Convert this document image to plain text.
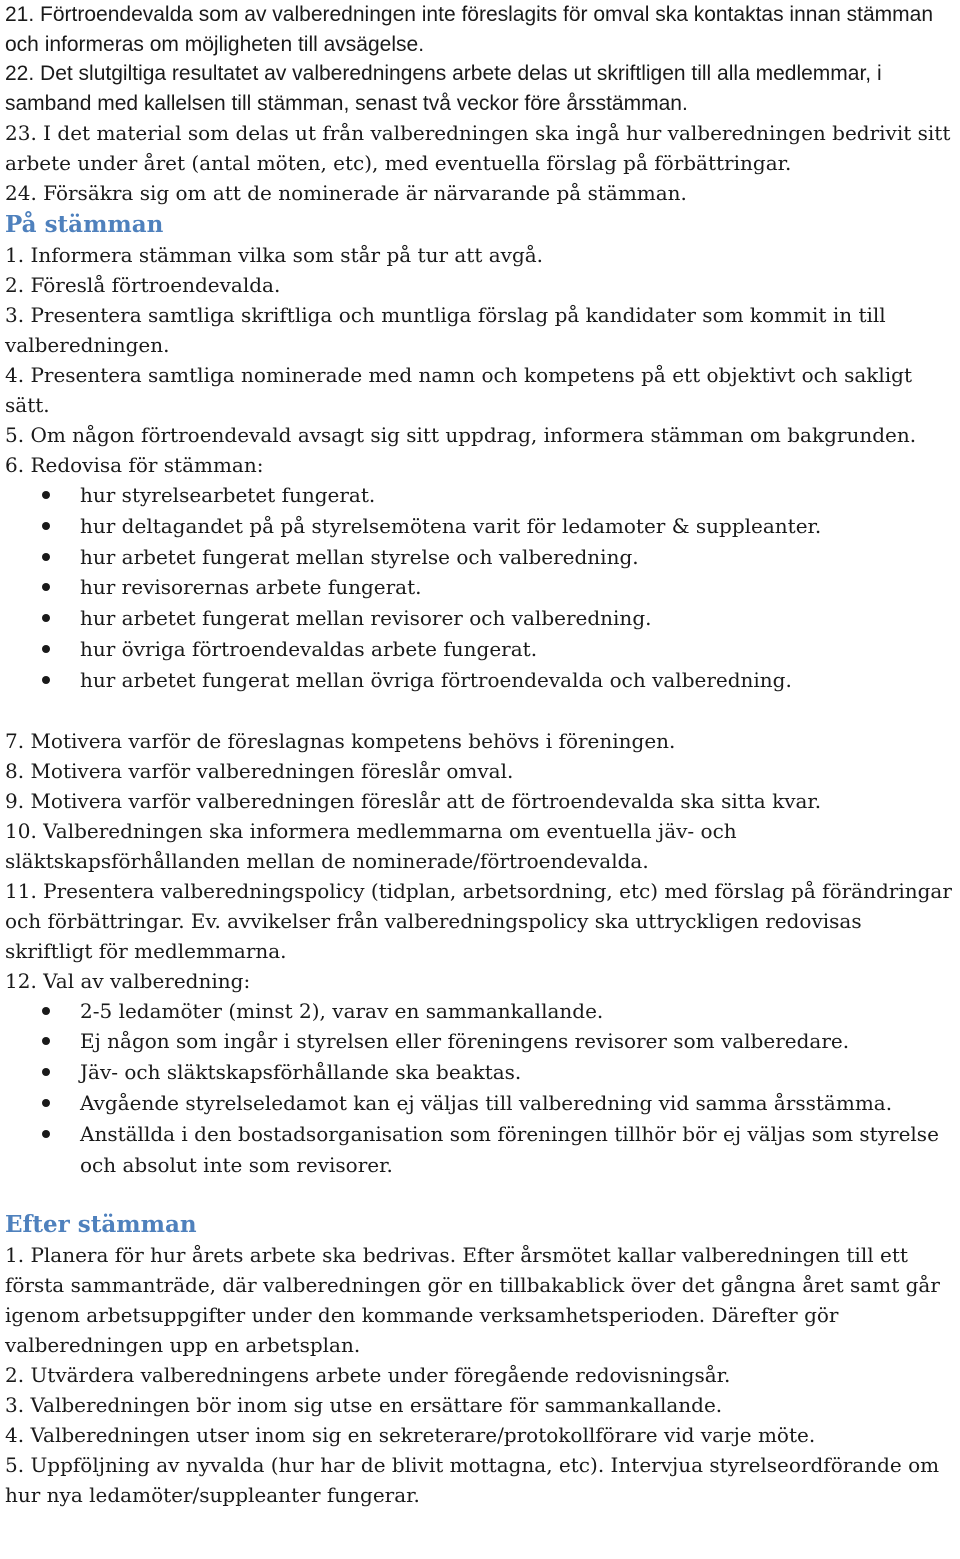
21. Förtroendevalda som av valberedningen inte föreslagits för omval ska kontaktas innan stämman och informeras om möjligheten till avsägelse.

22. Det slutgiltiga resultatet av valberedningens arbete delas ut skriftligen till alla medlemmar, i samband med kallelsen till stämman, senast två veckor före årsstämman.

23. I det material som delas ut från valberedningen ska ingå hur valberedningen bedrivit sitt arbete under året (antal möten, etc), med eventuella förslag på förbättringar.

24. Försäkra sig om att de nominerade är närvarande på stämman.

På stämman

1. Informera stämman vilka som står på tur att avgå.

2. Föreslå förtroendevalda.

3. Presentera samtliga skriftliga och muntliga förslag på kandidater som kommit in till valberedningen.

4. Presentera samtliga nominerade med namn och kompetens på ett objektivt och sakligt sätt.

5. Om någon förtroendevald avsagt sig sitt uppdrag, informera stämman om bakgrunden.

6. Redovisa för stämman:

hur styrelsearbetet fungerat.
hur deltagandet på på styrelsemötena varit för ledamoter & suppleanter.
hur arbetet fungerat mellan styrelse och valberedning.
hur revisorernas arbete fungerat.
hur arbetet fungerat mellan revisorer och valberedning.
hur övriga förtroendevaldas arbete fungerat.
hur arbetet fungerat mellan övriga förtroendevalda och valberedning.

7. Motivera varför de föreslagnas kompetens behövs i föreningen.

8. Motivera varför valberedningen föreslår omval.

9. Motivera varför valberedningen föreslår att de förtroendevalda ska sitta kvar.

10. Valberedningen ska informera medlemmarna om eventuella jäv- och släktskapsförhållanden mellan de nominerade/förtroendevalda.

11. Presentera valberedningspolicy (tidplan, arbetsordning, etc) med förslag på förändringar och förbättringar. Ev. avvikelser från valberedningspolicy ska uttryckligen redovisas skriftligt för medlemmarna.

12. Val av valberedning:

2-5 ledamöter (minst 2), varav en sammankallande.
Ej någon som ingår i styrelsen eller föreningens revisorer som valberedare.
Jäv- och släktskapsförhållande ska beaktas.
Avgående styrelseledamot kan ej väljas till valberedning vid samma årsstämma.
Anställda i den bostadsorganisation som föreningen tillhör bör ej väljas som styrelse och absolut inte som revisorer.
Efter stämman

1. Planera för hur årets arbete ska bedrivas. Efter årsmötet kallar valberedningen till ett första sammanträde, där valberedningen gör en tillbakablick över det gångna året samt går igenom arbetsuppgifter under den kommande verksamhetsperioden. Därefter gör valberedningen upp en arbetsplan.

2. Utvärdera valberedningens arbete under föregående redovisningsår.

3. Valberedningen bör inom sig utse en ersättare för sammankallande.

4. Valberedningen utser inom sig en sekreterare/protokollförare vid varje möte.

5. Uppföljning av nyvalda (hur har de blivit mottagna, etc). Intervjua styrelseordförande om hur nya ledamöter/suppleanter fungerar.
